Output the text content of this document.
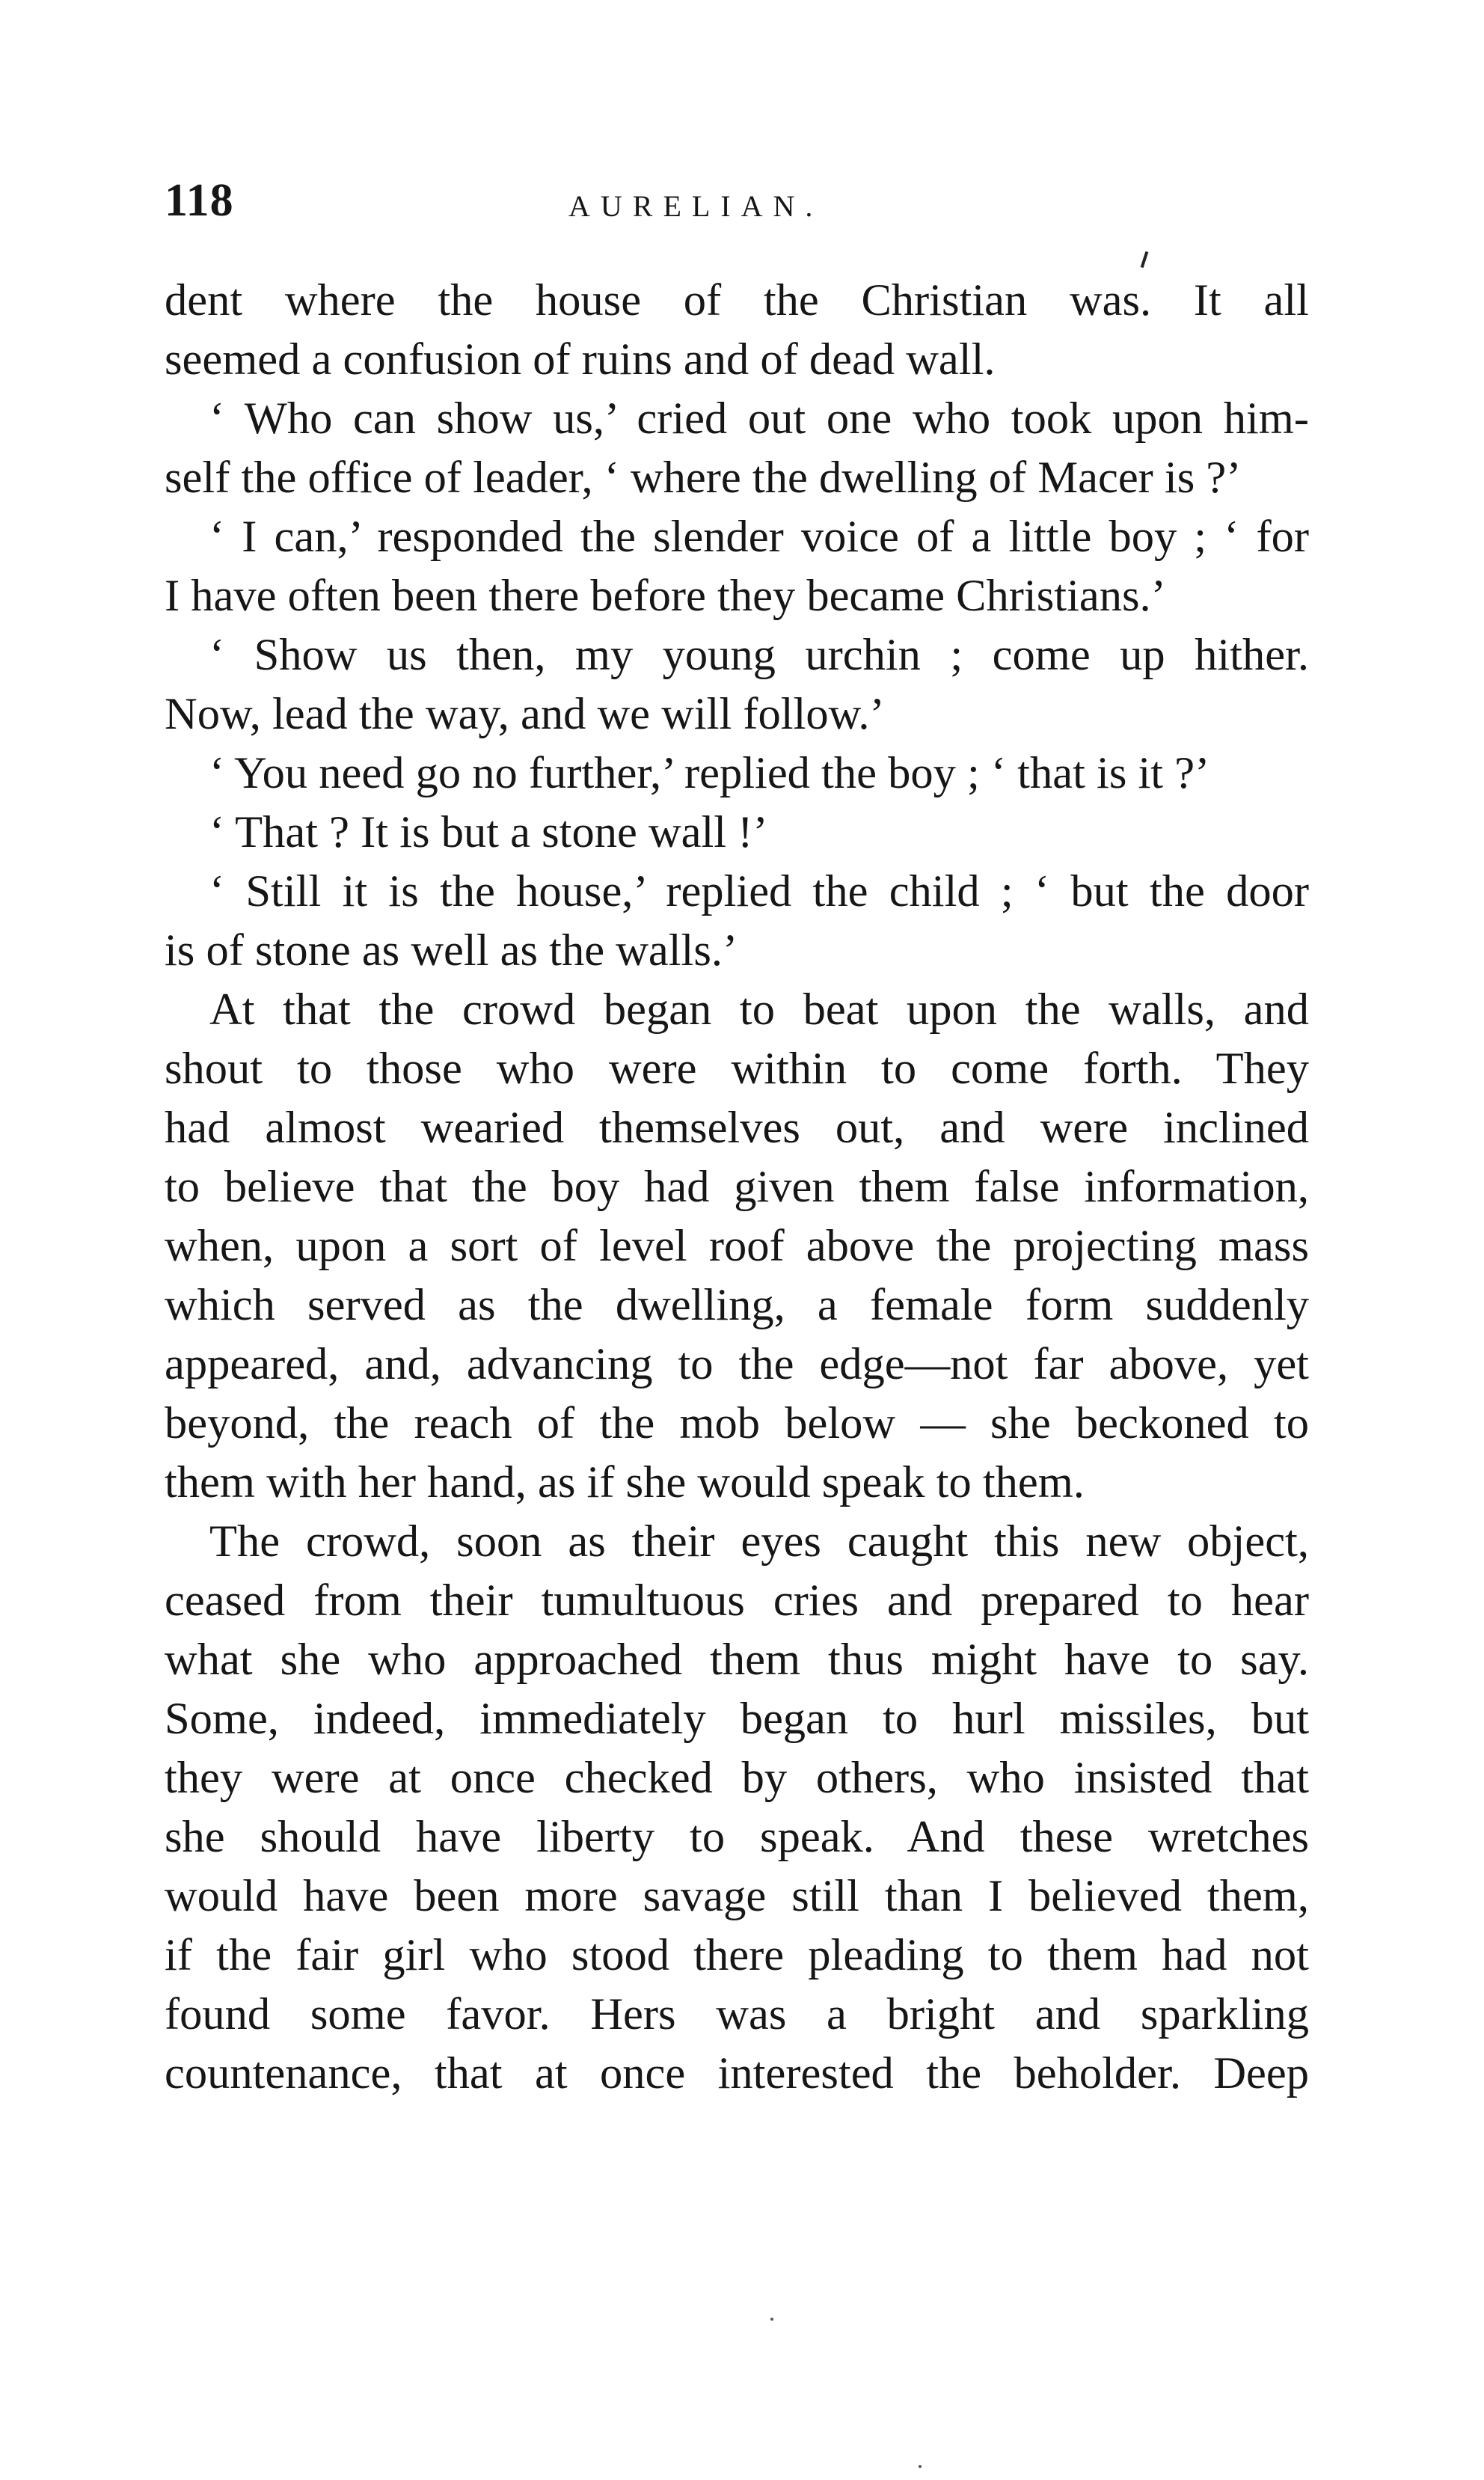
118	AURELIAN.
dent where the house of the Christian was. It all
seemed a confusion of ruins and of dead wall.
‘ Who can show us,’ cried out one who took upon him-
self the office of leader, ‘ where the dwelling of Macer is ?’
‘ I can,’ responded the slender voice of a little boy ; ‘ for
I have often been there before they became Christians.’
‘ Show us then, my young urchin ; come up hither.
Now, lead the way, and we will follow.’
‘ You need go no further,’ replied the boy ; ‘ that is it ?’
‘ That ? It is but a stone wall !’
‘ Still it is the house,’ replied the child ; ‘ but the door
is of stone as well as the walls.’
At that the crowd began to beat upon the walls, and
shout to those who were within to come forth. They
had almost wearied themselves out, and were inclined
to believe that the boy had given them false information,
when, upon a sort of level roof above the projecting mass
which served as the dwelling, a female form suddenly
appeared, and, advancing to the edge—not far above, yet
beyond, the reach of the mob below — she beckoned to
them with her hand, as if she would speak to them.
The crowd, soon as their eyes caught this new object,
ceased from their tumultuous cries and prepared to hear
what she who approached them thus might have to say.
Some, indeed, immediately began to hurl missiles, but
they were at once checked by others, who insisted that
she should have liberty to speak. And these wretches
would have been more savage still than I believed them,
if the fair girl who stood there pleading to them had not
found some favor. Hers was a bright and sparkling
countenance, that at once interested the beholder. Deep
